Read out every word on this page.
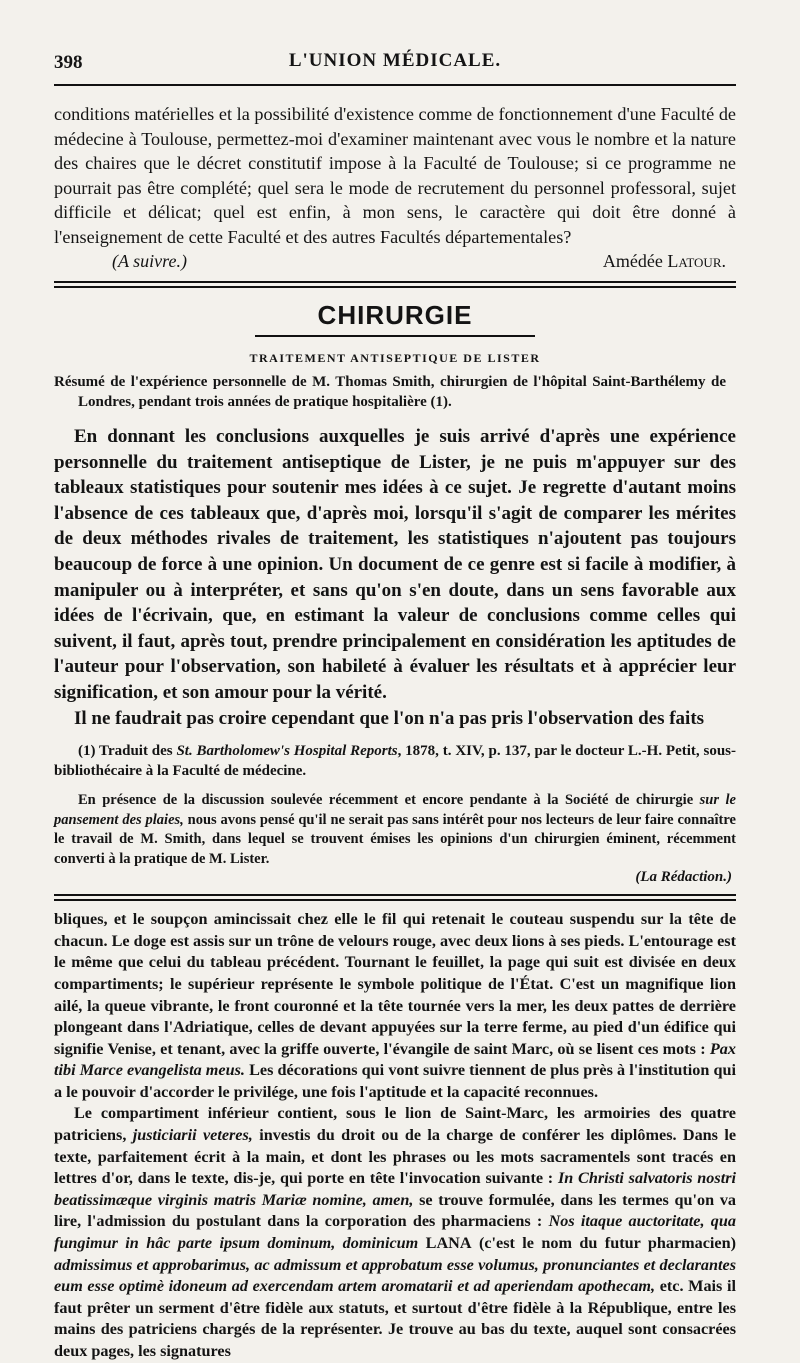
398	L'UNION MÉDICALE.

conditions matérielles et la possibilité d'existence comme de fonctionnement d'une Faculté de médecine à Toulouse, permettez-moi d'examiner maintenant avec vous le nombre et la nature des chaires que le décret constitutif impose à la Faculté de Toulouse; si ce programme ne pourrait pas être complété; quel sera le mode de recrutement du personnel professoral, sujet difficile et délicat; quel est enfin, à mon sens, le caractère qui doit être donné à l'enseignement de cette Faculté et des autres Facultés départementales?

(A suivre.)	Amédée Latour.
CHIRURGIE
TRAITEMENT ANTISEPTIQUE DE LISTER

Résumé de l'expérience personnelle de M. Thomas Smith, chirurgien de l'hôpital Saint-Barthélemy de Londres, pendant trois années de pratique hospitalière (1).

En donnant les conclusions auxquelles je suis arrivé d'après une expérience personnelle du traitement antiseptique de Lister, je ne puis m'appuyer sur des tableaux statistiques pour soutenir mes idées à ce sujet. Je regrette d'autant moins l'absence de ces tableaux que, d'après moi, lorsqu'il s'agit de comparer les mérites de deux méthodes rivales de traitement, les statistiques n'ajoutent pas toujours beaucoup de force à une opinion. Un document de ce genre est si facile à modifier, à manipuler ou à interpréter, et sans qu'on s'en doute, dans un sens favorable aux idées de l'écrivain, que, en estimant la valeur de conclusions comme celles qui suivent, il faut, après tout, prendre principalement en considération les aptitudes de l'auteur pour l'observation, son habileté à évaluer les résultats et à apprécier leur signification, et son amour pour la vérité.

Il ne faudrait pas croire cependant que l'on n'a pas pris l'observation des faits

(1) Traduit des St. Bartholomew's Hospital Reports, 1878, t. XIV, p. 137, par le docteur L.-H. Petit, sous-bibliothécaire à la Faculté de médecine.

En présence de la discussion soulevée récemment et encore pendante à la Société de chirurgie sur le pansement des plaies, nous avons pensé qu'il ne serait pas sans intérêt pour nos lecteurs de leur faire connaître le travail de M. Smith, dans lequel se trouvent émises les opinions d'un chirurgien éminent, récemment converti à la pratique de M. Lister.

(La Rédaction.)

bliques, et le soupçon amincissait chez elle le fil qui retenait le couteau suspendu sur la tête de chacun. Le doge est assis sur un trône de velours rouge, avec deux lions à ses pieds. L'entourage est le même que celui du tableau précédent. Tournant le feuillet, la page qui suit est divisée en deux compartiments; le supérieur représente le symbole politique de l'État. C'est un magnifique lion ailé, la queue vibrante, le front couronné et la tête tournée vers la mer, les deux pattes de derrière plongeant dans l'Adriatique, celles de devant appuyées sur la terre ferme, au pied d'un édifice qui signifie Venise, et tenant, avec la griffe ouverte, l'évangile de saint Marc, où se lisent ces mots : Pax tibi Marce evangelista meus. Les décorations qui vont suivre tiennent de plus près à l'institution qui a le pouvoir d'accorder le privilége, une fois l'aptitude et la capacité reconnues.

Le compartiment inférieur contient, sous le lion de Saint-Marc, les armoiries des quatre patriciens, justiciarii veteres, investis du droit ou de la charge de conférer les diplômes. Dans le texte, parfaitement écrit à la main, et dont les phrases ou les mots sacramentels sont tracés en lettres d'or, dans le texte, dis-je, qui porte en tête l'invocation suivante : In Christi salvatoris nostri beatissimæque virginis matris Mariæ nomine, amen, se trouve formulée, dans les termes qu'on va lire, l'admission du postulant dans la corporation des pharmaciens : Nos itaque auctoritate, qua fungimur in hâc parte ipsum dominum, dominicum LANA (c'est le nom du futur pharmacien) admissimus et approbarimus, ac admissum et approbatum esse volumus, pronunciantes et declarantes eum esse optimè idoneum ad exercendam artem aromatarii et ad aperiendam apothecam, etc. Mais il faut prêter un serment d'être fidèle aux statuts, et surtout d'être fidèle à la République, entre les mains des patriciens chargés de la représenter. Je trouve au bas du texte, auquel sont consacrées deux pages, les signatures
